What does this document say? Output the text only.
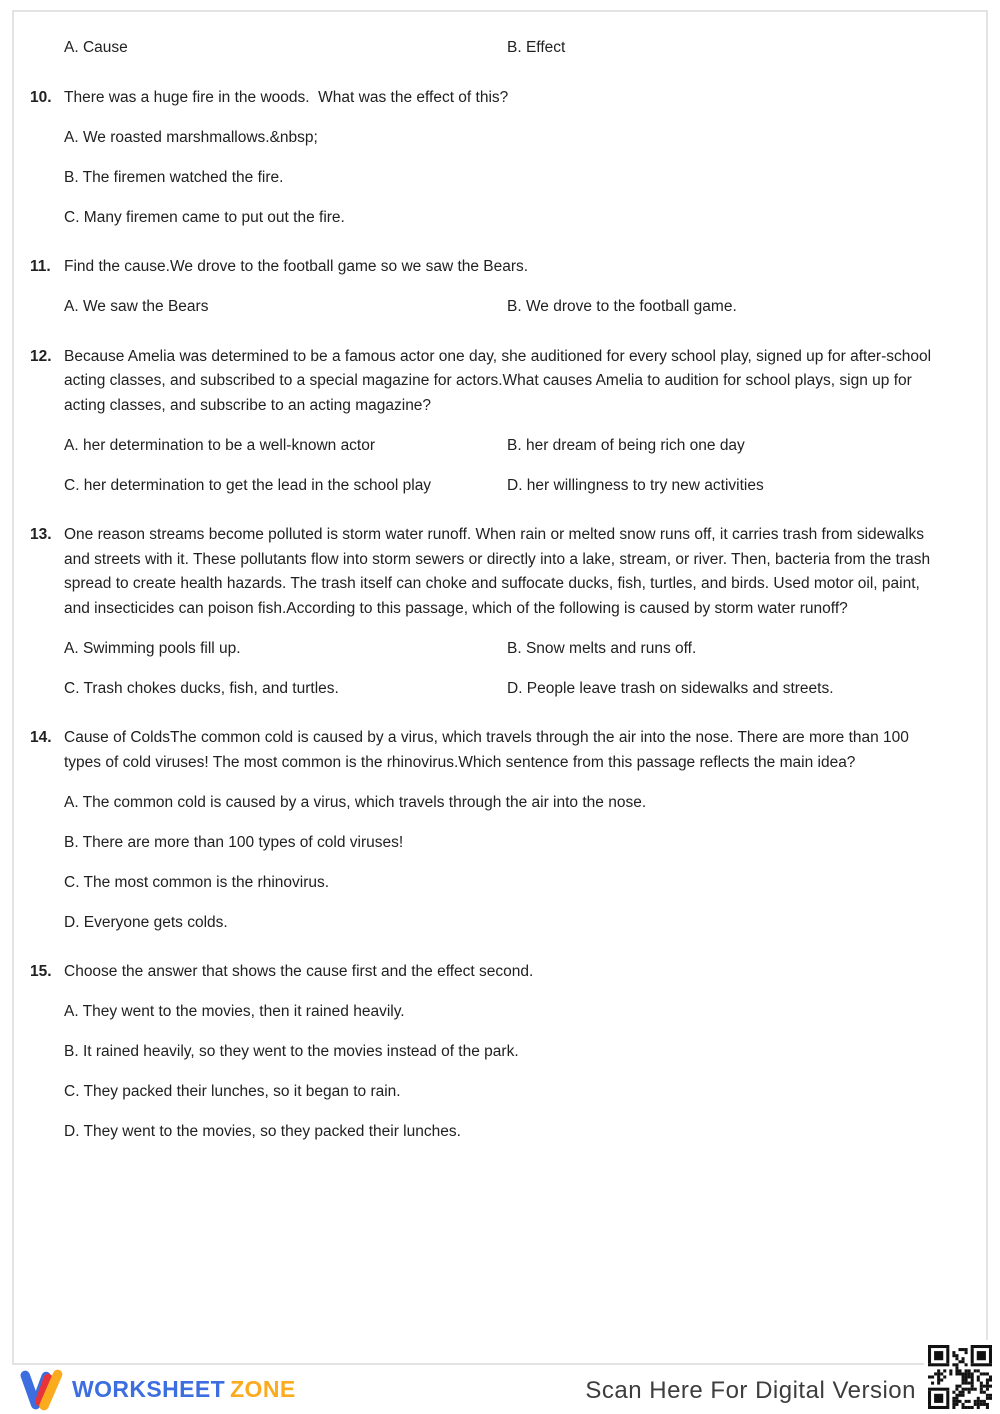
A. Cause	B. Effect
10. There was a huge fire in the woods.  What was the effect of this?
A. We roasted marshmallows.&nbsp;
B. The firemen watched the fire.
C. Many firemen came to put out the fire.
11. Find the cause.We drove to the football game so we saw the Bears.
A. We saw the Bears	B. We drove to the football game.
12. Because Amelia was determined to be a famous actor one day, she auditioned for every school play, signed up for after-school acting classes, and subscribed to a special magazine for actors.What causes Amelia to audition for school plays, sign up for acting classes, and subscribe to an acting magazine?
A. her determination to be a well-known actor	B. her dream of being rich one day
C. her determination to get the lead in the school play	D. her willingness to try new activities
13. One reason streams become polluted is storm water runoff. When rain or melted snow runs off, it carries trash from sidewalks and streets with it. These pollutants flow into storm sewers or directly into a lake, stream, or river. Then, bacteria from the trash spread to create health hazards. The trash itself can choke and suffocate ducks, fish, turtles, and birds. Used motor oil, paint, and insecticides can poison fish.According to this passage, which of the following is caused by storm water runoff?
A. Swimming pools fill up.	B. Snow melts and runs off.
C. Trash chokes ducks, fish, and turtles.	D. People leave trash on sidewalks and streets.
14. Cause of ColdsThe common cold is caused by a virus, which travels through the air into the nose. There are more than 100 types of cold viruses! The most common is the rhinovirus.Which sentence from this passage reflects the main idea?
A. The common cold is caused by a virus, which travels through the air into the nose.
B. There are more than 100 types of cold viruses!
C. The most common is the rhinovirus.
D. Everyone gets colds.
15. Choose the answer that shows the cause first and the effect second.
A. They went to the movies, then it rained heavily.
B. It rained heavily, so they went to the movies instead of the park.
C. They packed their lunches, so it began to rain.
D. They went to the movies, so they packed their lunches.
WORKSHEET ZONE	Scan Here For Digital Version
